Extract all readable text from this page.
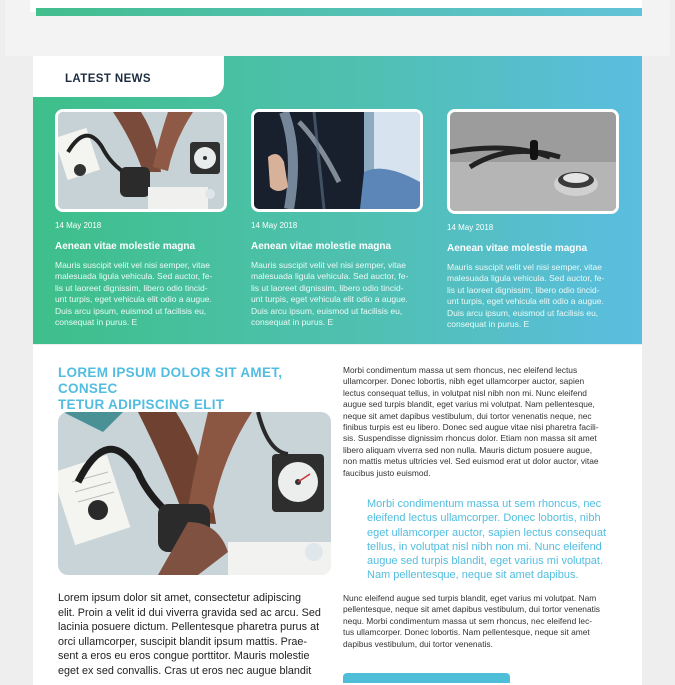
LATEST NEWS
14 May 2018
Aenean vitae molestie magna
Mauris suscipit velit vel nisi semper, vitae
malesuada ligula vehicula. Sed auctor, fe-
lis ut laoreet dignissim, libero odio tincid-
unt turpis, eget vehicula elit odio a augue.
Duis arcu ipsum, euismod ut facilisis eu,
consequat in purus. E
14 May 2018
Aenean vitae molestie magna
Mauris suscipit velit vel nisi semper, vitae
malesuada ligula vehicula. Sed auctor, fe-
lis ut laoreet dignissim, libero odio tincid-
unt turpis, eget vehicula elit odio a augue.
Duis arcu ipsum, euismod ut facilisis eu,
consequat in purus. E
14 May 2018
Aenean vitae molestie magna
Mauris suscipit velit vel nisi semper, vitae
malesuada ligula vehicula. Sed auctor, fe-
lis ut laoreet dignissim, libero odio tincid-
unt turpis, eget vehicula elit odio a augue.
Duis arcu ipsum, euismod ut facilisis eu,
consequat in purus. E
LOREM IPSUM DOLOR SIT AMET, CONSEC
TETUR ADIPISCING ELIT
Lorem ipsum dolor sit amet, consectetur adipiscing
elit. Proin a velit id dui viverra gravida sed ac arcu. Sed
lacinia posuere dictum. Pellentesque pharetra purus at
orci ullamcorper, suscipit blandit ipsum mattis. Prae-
sent a eros eu eros congue porttitor. Mauris molestie
eget ex sed convallis. Cras ut eros nec augue blandit
Morbi condimentum massa ut sem rhoncus, nec eleifend lectus
ullamcorper. Donec lobortis, nibh eget ullamcorper auctor, sapien
lectus consequat tellus, in volutpat nisl nibh non mi. Nunc eleifend
augue sed turpis blandit, eget varius mi volutpat. Nam pellentesque,
neque sit amet dapibus vestibulum, dui tortor venenatis neque, nec
finibus turpis est eu libero. Donec sed augue vitae nisi pharetra facili-
sis. Suspendisse dignissim rhoncus dolor. Etiam non massa sit amet
libero aliquam viverra sed non nulla. Mauris dictum posuere augue,
non mattis metus ultricies vel. Sed euismod erat ut dolor auctor, vitae
faucibus justo euismod.
Morbi condimentum massa ut sem rhoncus, nec
eleifend lectus ullamcorper. Donec lobortis, nibh
eget ullamcorper auctor, sapien lectus consequat
tellus, in volutpat nisl nibh non mi. Nunc eleifend
augue sed turpis blandit, eget varius mi volutpat.
Nam pellentesque, neque sit amet dapibus.
Nunc eleifend augue sed turpis blandit, eget varius mi volutpat. Nam
pellentesque, neque sit amet dapibus vestibulum, dui tortor venenatis
nequ. Morbi condimentum massa ut sem rhoncus, nec eleifend lec-
tus ullamcorper. Donec lobortis. Nam pellentesque, neque sit amet
dapibus vestibulum, dui tortor venenatis.
